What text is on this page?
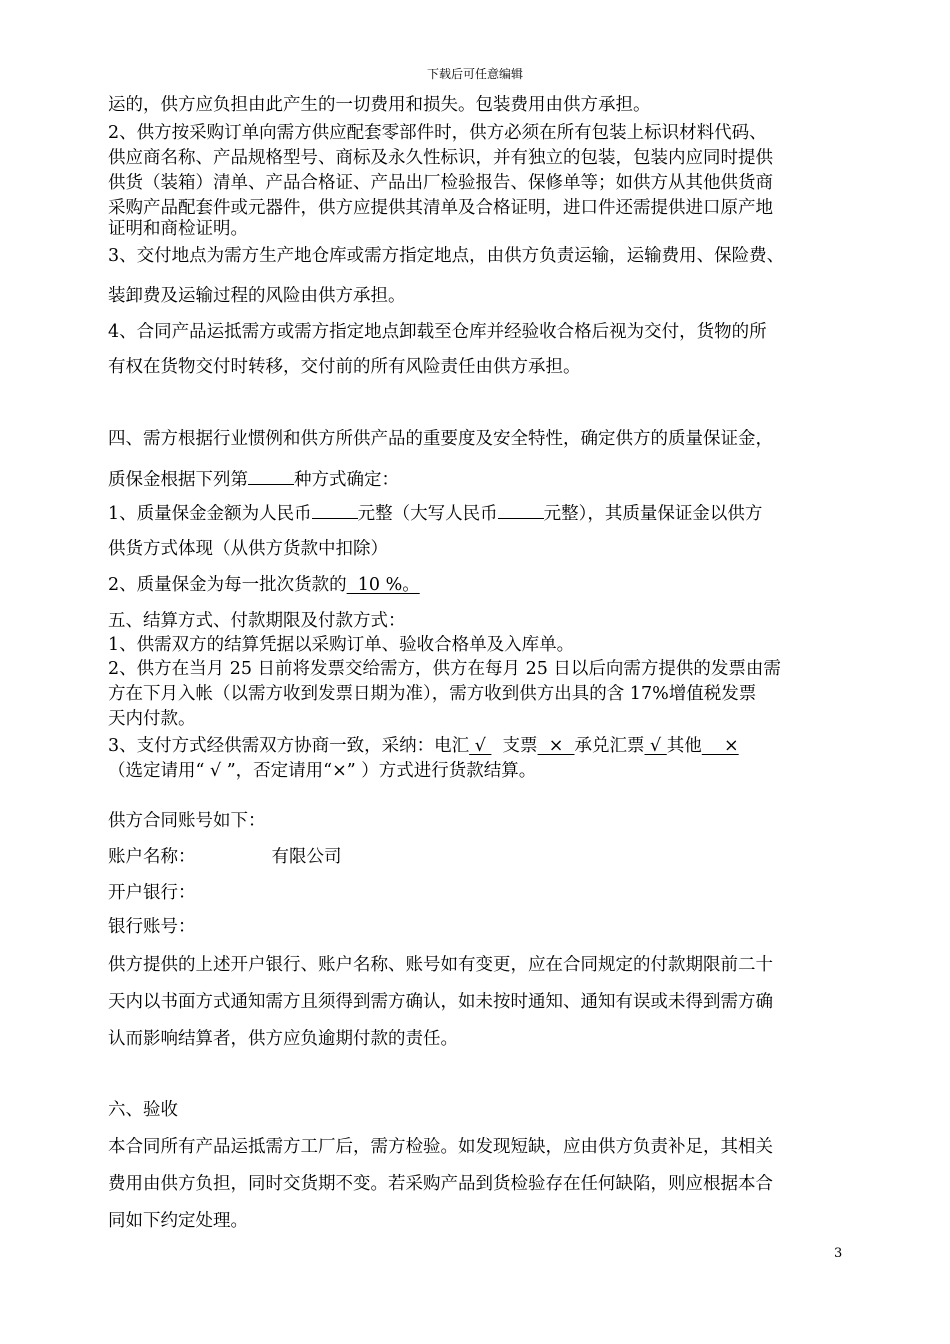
下载后可任意编辑
运的，供方应负担由此产生的一切费用和损失。包装费用由供方承担。
2、供方按采购订单向需方供应配套零部件时，供方必须在所有包装上标识材料代码、
供应商名称、产品规格型号、商标及永久性标识，并有独立的包装，包装内应同时提供
供货（装箱）清单、产品合格证、产品出厂检验报告、保修单等；如供方从其他供货商
采购产品配套件或元器件，供方应提供其清单及合格证明，进口件还需提供进口原产地
证明和商检证明。
3、交付地点为需方生产地仓库或需方指定地点，由供方负责运输，运输费用、保险费、
装卸费及运输过程的风险由供方承担。
4、合同产品运抵需方或需方指定地点卸载至仓库并经验收合格后视为交付，货物的所
有权在货物交付时转移，交付前的所有风险责任由供方承担。
四、需方根据行业惯例和供方所供产品的重要度及安全特性，确定供方的质量保证金，
质保金根据下列第	种方式确定：
1、质量保金金额为人民币	元整（大写人民币	元整），其质量保证金以供方
供货方式体现（从供方货款中扣除）
2、质量保金为每一批次货款的  10 %。
五、结算方式、付款期限及付款方式：
1、供需双方的结算凭据以采购订单、验收合格单及入库单。
2、供方在当月 25 日前将发票交给需方，供方在每月 25 日以后向需方提供的发票由需
方在下月入帐（以需方收到发票日期为准），需方收到供方出具的含 17%增值税发票
天内付款。
3、支付方式经供需双方协商一致，采纳：电汇 √   支票  ×  承兑汇票 √ 其他    ×
（选定请用“ √ ”，否定请用“×” ）方式进行货款结算。
供方合同账号如下：
账户名称：	有限公司
开户银行：
银行账号：
供方提供的上述开户银行、账户名称、账号如有变更，应在合同规定的付款期限前二十
天内以书面方式通知需方且须得到需方确认，如未按时通知、通知有误或未得到需方确
认而影响结算者，供方应负逾期付款的责任。
六、验收
本合同所有产品运抵需方工厂后，需方检验。如发现短缺，应由供方负责补足，其相关
费用由供方负担，同时交货期不变。若采购产品到货检验存在任何缺陷，则应根据本合
同如下约定处理。
3
